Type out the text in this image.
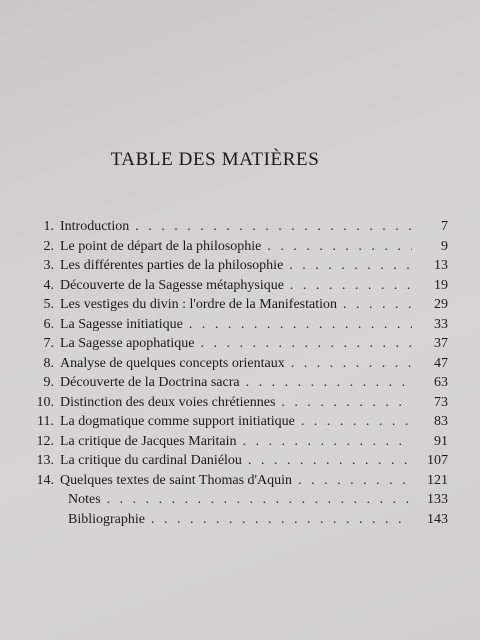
TABLE DES MATIÈRES
1. Introduction . . .	7
2. Le point de départ de la philosophie . . .	9
3. Les différentes parties de la philosophie . . .	13
4. Découverte de la Sagesse métaphysique . . .	19
5. Les vestiges du divin : l'ordre de la Manifestation . . .	29
6. La Sagesse initiatique . . .	33
7. La Sagesse apophatique . . .	37
8. Analyse de quelques concepts orientaux . . .	47
9. Découverte de la Doctrina sacra . . .	63
10. Distinction des deux voies chrétiennes . . .	73
11. La dogmatique comme support initiatique . . .	83
12. La critique de Jacques Maritain . . .	91
13. La critique du cardinal Daniélou . . .	107
14. Quelques textes de saint Thomas d'Aquin . . .	121
Notes . . .	133
Bibliographie . . .	143
